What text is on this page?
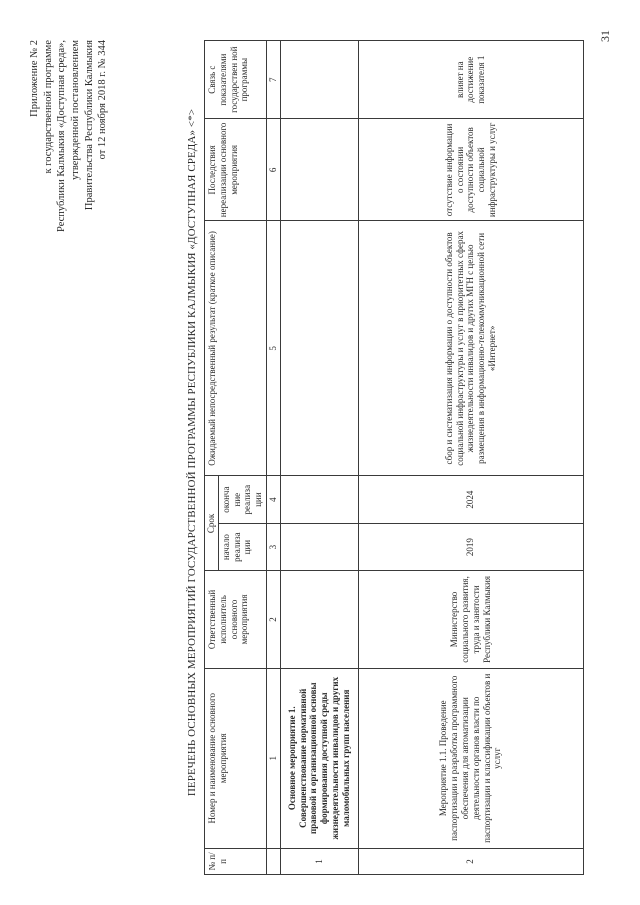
Приложение № 2 к государственной программе Республики Калмыкия «Доступная среда», утвержденной постановлением Правительства Республики Калмыкия от 12 ноября 2018 г. № 344
ПЕРЕЧЕНЬ ОСНОВНЫХ МЕРОПРИЯТИЙ ГОСУДАРСТВЕННОЙ ПРОГРАММЫ РЕСПУБЛИКИ КАЛМЫКИЯ «ДОСТУПНАЯ СРЕДА» <*>
№ п/п	Номер и наименование основного мероприятия	Ответственный исполнитель основного мероприятия	Срок		Ожидаемый непосредственный результат (краткое описание)	Последствия нереализации основного мероприятия	Связь с показателями государствен ной программы
			начало реализа ции	оконча ние реализа ции			
	1	2	3	4	5	6	7
1	Основное мероприятие 1. Совершенствование нормативной правовой и организационной основы формирования доступной среды жизнедеятельности инвалидов и других маломобильных групп населения						
2	Мероприятие 1.1. Проведение паспортизации и разработка программного обеспечения для автоматизации деятельности органов власти по паспортизации и классификации объектов и услуг	Министерство социального развития, труда и занятости Республики Калмыкия	2019	2024	сбор и систематизация информации о доступности объектов социальной инфраструктуры и услуг в приоритетных сферах жизнедеятельности инвалидов и других МГН с целью размещения в информационно-телекоммуникационной сети «Интернет»	отсутствие информации о состоянии доступности объектов социальной инфраструктуры и услуг	влияет на достижение показателя 1
31
